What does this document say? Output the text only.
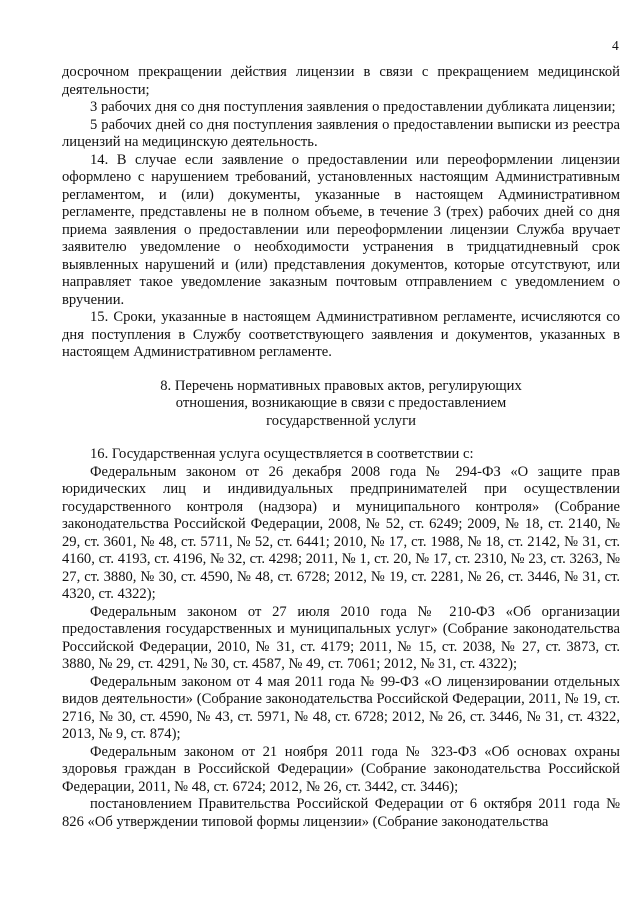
4

досрочном прекращении действия лицензии в связи с прекращением медицинской деятельности;

3 рабочих дня со дня поступления заявления о предоставлении дубликата лицензии;

5 рабочих дней со дня поступления заявления о предоставлении выписки из реестра лицензий на медицинскую деятельность.

14. В случае если заявление о предоставлении или переоформлении лицензии оформлено с нарушением требований, установленных настоящим Административным регламентом, и (или) документы, указанные в настоящем Административном регламенте, представлены не в полном объеме, в течение 3 (трех) рабочих дней со дня приема заявления о предоставлении или переоформлении лицензии Служба вручает заявителю уведомление о необходимости устранения в тридцатидневный срок выявленных нарушений и (или) представления документов, которые отсутствуют, или направляет такое уведомление заказным почтовым отправлением с уведомлением о вручении.

15. Сроки, указанные в настоящем Административном регламенте, исчисляются со дня поступления в Службу соответствующего заявления и документов, указанных в настоящем Административном регламенте.

8. Перечень нормативных правовых актов, регулирующих
отношения, возникающие в связи с предоставлением
государственной услуги

16. Государственная услуга осуществляется в соответствии с:

Федеральным законом от 26 декабря 2008 года № 294-ФЗ «О защите прав юридических лиц и индивидуальных предпринимателей при осуществлении государственного контроля (надзора) и муниципального контроля» (Собрание законодательства Российской Федерации, 2008, № 52, ст. 6249; 2009, № 18, ст. 2140, № 29, ст. 3601, № 48, ст. 5711, № 52, ст. 6441; 2010, № 17, ст. 1988, № 18, ст. 2142, № 31, ст. 4160, ст. 4193, ст. 4196, № 32, ст. 4298; 2011, № 1, ст. 20, № 17, ст. 2310, № 23, ст. 3263, № 27, ст. 3880, № 30, ст. 4590, № 48, ст. 6728; 2012, № 19, ст. 2281, № 26, ст. 3446, № 31, ст. 4320, ст. 4322);

Федеральным законом от 27 июля 2010 года № 210-ФЗ «Об организации предоставления государственных и муниципальных услуг» (Собрание законодательства Российской Федерации, 2010, № 31, ст. 4179; 2011, № 15, ст. 2038, № 27, ст. 3873, ст. 3880, № 29, ст. 4291, № 30, ст. 4587, № 49, ст. 7061; 2012, № 31, ст. 4322);

Федеральным законом от 4 мая 2011 года № 99-ФЗ «О лицензировании отдельных видов деятельности» (Собрание законодательства Российской Федерации, 2011, № 19, ст. 2716, № 30, ст. 4590, № 43, ст. 5971, № 48, ст. 6728; 2012, № 26, ст. 3446, № 31, ст. 4322, 2013, № 9, ст. 874);

Федеральным законом от 21 ноября 2011 года № 323-ФЗ «Об основах охраны здоровья граждан в Российской Федерации» (Собрание законодательства Российской Федерации, 2011, № 48, ст. 6724; 2012, № 26, ст. 3442, ст. 3446);

постановлением Правительства Российской Федерации от 6 октября 2011 года № 826 «Об утверждении типовой формы лицензии» (Собрание законодательства
